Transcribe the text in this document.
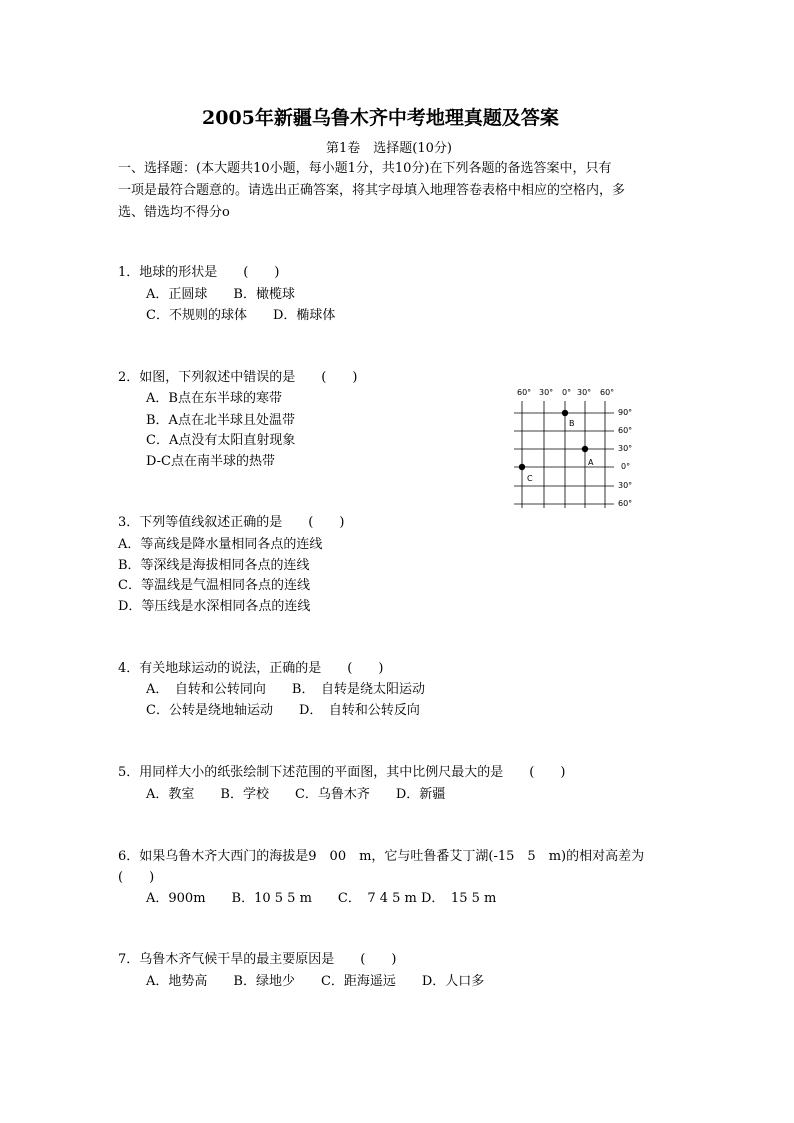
2005年新疆乌鲁木齐中考地理真题及答案
第1卷　选择题(10分)
一、选择题：(本大题共10小题，每小题1分，共10分)在下列各题的备选答案中，只有
一项是最符合题意的。请选出正确答案，将其字母填入地理答卷表格中相应的空格内，多
选、错选均不得分o
1．地球的形状是　　(　　)
A．正圆球　　B．橄榄球
C．不规则的球体　　D．椭球体
2．如图，下列叙述中错误的是　　(　　)
A．B点在东半球的寒带
B．A点在北半球且处温带
C．A点没有太阳直射现象
D-C点在南半球的热带
60° 30° 0° 30° 60°
90°
60°
30°
0°
30°
60°
B
A
C
3．下列等值线叙述正确的是　　(　　)
A．等高线是降水量相同各点的连线
B．等深线是海拔相同各点的连线
C．等温线是气温相同各点的连线
D．等压线是水深相同各点的连线
4．有关地球运动的说法，正确的是　　(　　)
A．　自转和公转同向　　B．　自转是绕太阳运动
C．公转是绕地轴运动　　D．　自转和公转反向
5．用同样大小的纸张绘制下述范围的平面图，其中比例尺最大的是　　(　　)
A．教室　　B．学校　　C．乌鲁木齐　　D．新疆
6．如果乌鲁木齐大西门的海拔是9　00　m，它与吐鲁番艾丁湖(-15　5　m)的相对高差为
(　　)
A．900m　　B．10 5 5 m　　C．　7 4 5 m D．　15 5 m
7．乌鲁木齐气候干旱的最主要原因是　　(　　)
A．地势高　　B．绿地少　　C．距海遥远　　D．人口多
